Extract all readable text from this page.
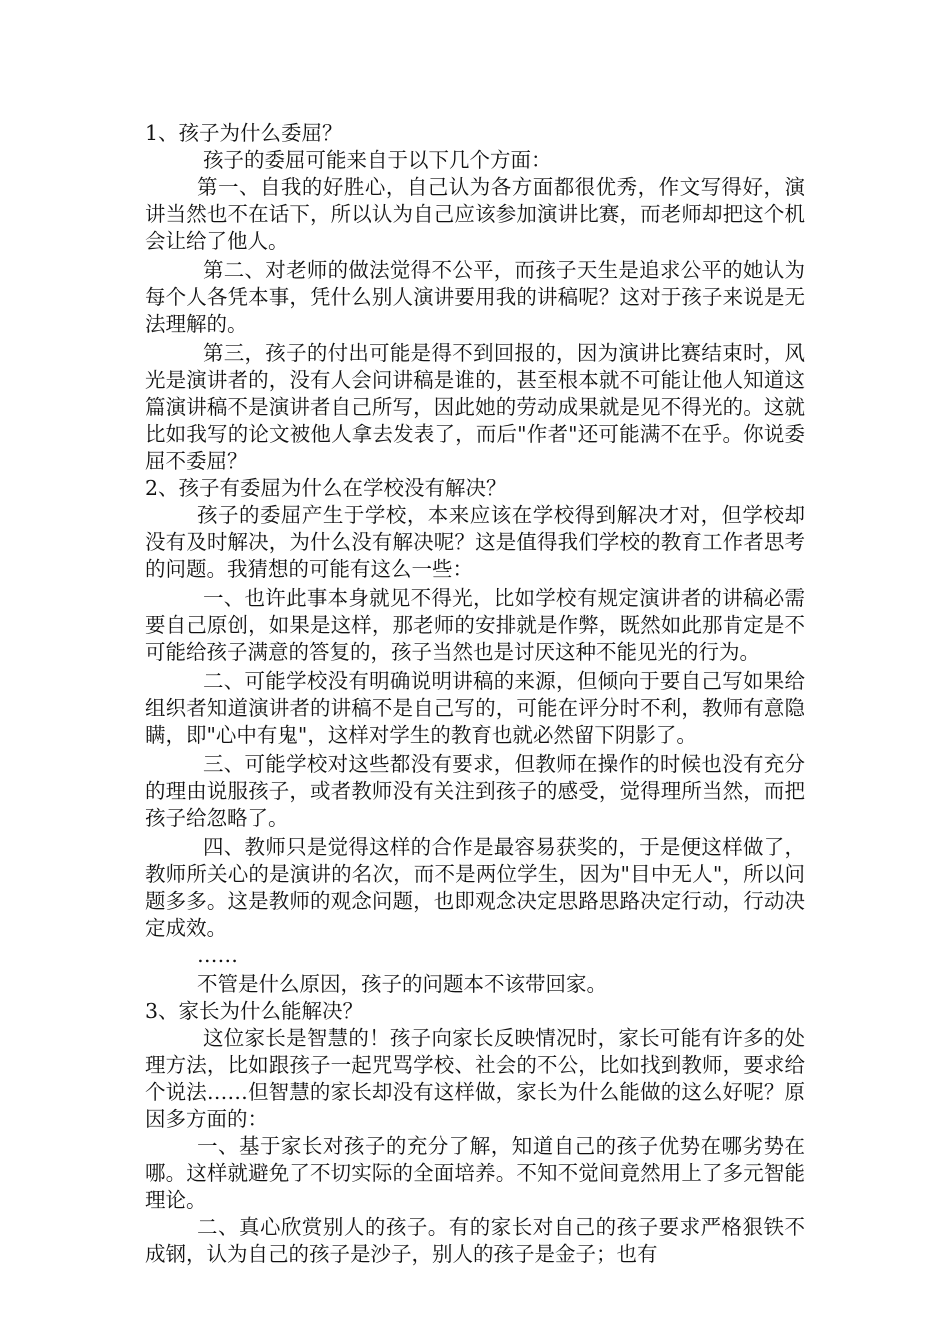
1、孩子为什么委屈？

孩子的委屈可能来自于以下几个方面：

第一、自我的好胜心，自己认为各方面都很优秀，作文写得好，演讲当然也不在话下，所以认为自己应该参加演讲比赛，而老师却把这个机会让给了他人。

第二、对老师的做法觉得不公平，而孩子天生是追求公平的她认为每个人各凭本事，凭什么别人演讲要用我的讲稿呢？这对于孩子来说是无法理解的。

第三，孩子的付出可能是得不到回报的，因为演讲比赛结束时，风光是演讲者的，没有人会问讲稿是谁的，甚至根本就不可能让他人知道这篇演讲稿不是演讲者自己所写，因此她的劳动成果就是见不得光的。这就比如我写的论文被他人拿去发表了，而后"作者"还可能满不在乎。你说委屈不委屈？

2、孩子有委屈为什么在学校没有解决？

孩子的委屈产生于学校，本来应该在学校得到解决才对，但学校却没有及时解决，为什么没有解决呢？这是值得我们学校的教育工作者思考的问题。我猜想的可能有这么一些：

一、也许此事本身就见不得光，比如学校有规定演讲者的讲稿必需要自己原创，如果是这样，那老师的安排就是作弊，既然如此那肯定是不可能给孩子满意的答复的，孩子当然也是讨厌这种不能见光的行为。

二、可能学校没有明确说明讲稿的来源，但倾向于要自己写如果给组织者知道演讲者的讲稿不是自己写的，可能在评分时不利，教师有意隐瞒，即"心中有鬼"，这样对学生的教育也就必然留下阴影了。

三、可能学校对这些都没有要求，但教师在操作的时候也没有充分的理由说服孩子，或者教师没有关注到孩子的感受，觉得理所当然，而把孩子给忽略了。

四、教师只是觉得这样的合作是最容易获奖的，于是便这样做了，教师所关心的是演讲的名次，而不是两位学生，因为"目中无人"，所以问题多多。这是教师的观念问题，也即观念决定思路思路决定行动，行动决定成效。

……

不管是什么原因，孩子的问题本不该带回家。

3、家长为什么能解决？

这位家长是智慧的！孩子向家长反映情况时，家长可能有许多的处理方法，比如跟孩子一起咒骂学校、社会的不公，比如找到教师，要求给个说法……但智慧的家长却没有这样做，家长为什么能做的这么好呢？原因多方面的：

一、基于家长对孩子的充分了解，知道自己的孩子优势在哪劣势在哪。这样就避免了不切实际的全面培养。不知不觉间竟然用上了多元智能理论。

二、真心欣赏别人的孩子。有的家长对自己的孩子要求严格狠铁不成钢，认为自己的孩子是沙子，别人的孩子是金子；也有
